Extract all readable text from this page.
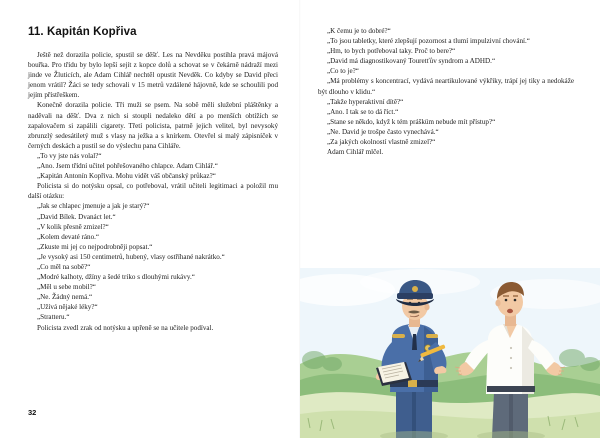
11. Kapitán Kopřiva

Ještě než dorazila policie, spustil se děšť. Les na Nevděku postihla pravá májová bouřka. Pro třídu by bylo lepší sejít z kopce dolů a schovat se v čekárně nádraží mezi jinde ve Žluticích, ale Adam Cihlář nechtěl opustit Nevděk. Co kdyby se David přeci jenom vrátil? Žáci se tedy schovali v 15 metrů vzdálené hájovně, kde se schoulili pod jejím přístřeškem.

Konečně dorazila policie. Tři muži se psem. Na sobě měli služební pláštěnky a naděvali na děšť. Dva z nich si stoupli nedaleko dětí a po menších obtížích se zapalovačem si zapálili cigarety. Třetí policista, patrně jejich velitel, byl nevysoký zbrunzlý sedesátiletý muž s vlasy na ježka a s knírkem. Otevřel si malý zápisníček v černých deskách a pustil se do výslechu pana Cihláře.

„To vy jste nás volal?“

„Ano. Jsem třídní učitel pohřešovaného chlapce. Adam Cihlář.“

„Kapitán Antonín Kopřiva. Mohu vidět váš občanský průkaz?“

Policista si do notýsku opsal, co potřeboval, vrátil učiteli legitimaci a položil mu další otázku:

„Jak se chlapec jmenuje a jak je starý?“

„David Bílek. Dvanáct let.“

„V kolik přesně zmizel?“

„Kolem devaté ráno.“

„Zkuste mi jej co nejpodrobněji popsat.“

„Je vysoký asi 150 centimetrů, hubený, vlasy ostříhané nakrátko.“

„Co měl na sobě?“

„Modré kalhoty, džíny a šedé triko s dlouhými rukávy.“

„Měl u sebe mobil?“

„Ne. Žádný nemá.“

„Užívá nějaké léky?“

„Stratteru.“

Policista zvedl zrak od notýsku a upřeně se na učitele podíval.

„K čemu je to dobré?“

„To jsou tabletky, které zlepšují pozornost a tlumí impulzivní chování.“

„Hm, to bych potřeboval taky. Proč to bere?“

„David má diagnostikovaný Touretťův syndrom a ADHD.“

„Co to je?“

„Má problémy s koncentrací, vydává neartikulované výkřiky, trápí jej tiky a nedokáže být dlouho v klidu.“

„Takže hyperaktivní dítě?“

„Ano. I tak se to dá říct.“

„Stane se někdo, když k tém prášküm nebude mít přístup?“

„Ne. David je trošpe často vynechává.“

„Za jakých okolností vlastně zmizel?“

Adam Cihlář mlčel.

32
